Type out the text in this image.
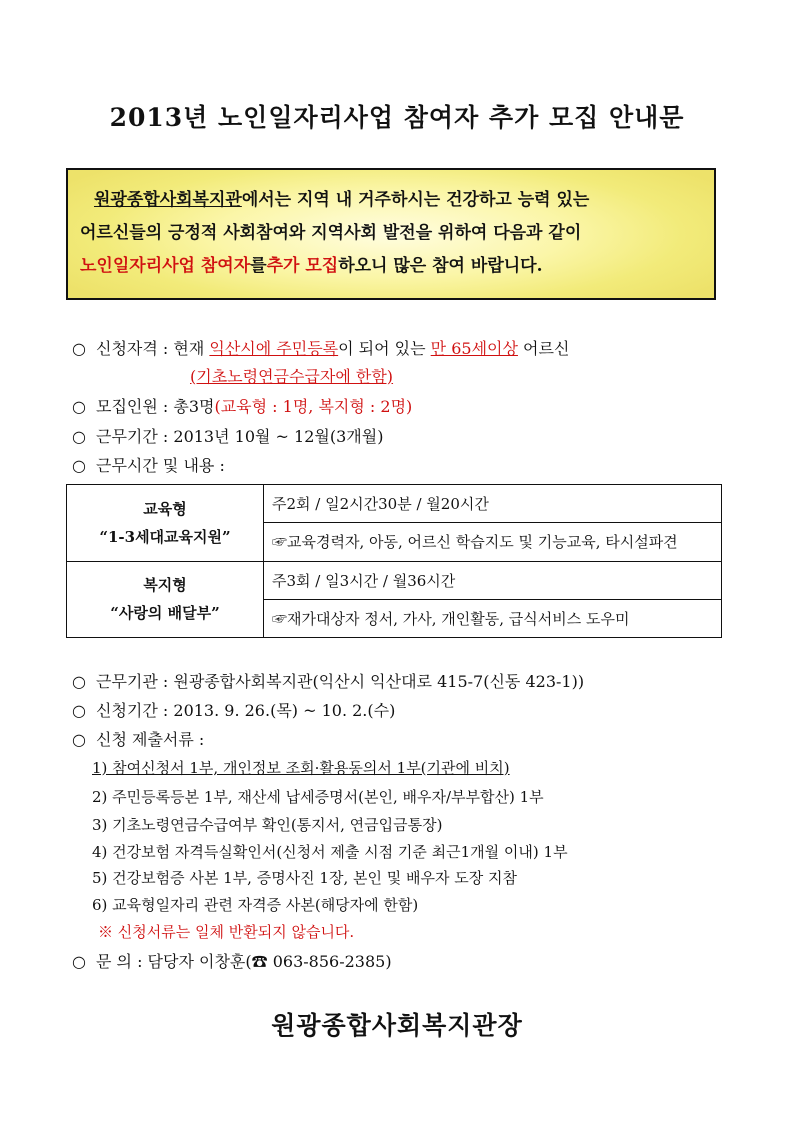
2013년 노인일자리사업 참여자 추가 모집 안내문
원광종합사회복지관에서는 지역 내 거주하시는 건강하고 능력 있는
어르신들의 긍정적 사회참여와 지역사회 발전을 위하여 다음과 같이
노인일자리사업 참여자 를 추가 모집 하오니 많은 참여 바랍니다.
○ 신청자격 : 현재 익산시에 주민등록이 되어 있는 만 65세이상 어르신
(기초노령연금수급자에 한함)
○ 모집인원 : 총3명(교육형 : 1명, 복지형 : 2명)
○ 근무기간 : 2013년 10월 ~ 12월(3개월)
○ 근무시간 및 내용 :
교육형
“1-3세대교육지원”	주2회 / 일2시간30분 / 월20시간
	☞교육경력자, 아동, 어르신 학습지도 및 기능교육, 타시설파견

복지형
“사랑의 배달부”	주3회 / 일3시간 / 월36시간
	☞재가대상자 정서, 가사, 개인활동, 급식서비스 도우미
○ 근무기관 : 원광종합사회복지관(익산시 익산대로 415-7(신동 423-1))
○ 신청기간 : 2013. 9. 26.(목) ~ 10. 2.(수)
○ 신청 제출서류 :
1) 참여신청서 1부, 개인정보 조회·활용동의서 1부(기관에 비치)
2) 주민등록등본 1부, 재산세 납세증명서(본인, 배우자/부부합산) 1부
3) 기초노령연금수급여부 확인(통지서, 연금입금통장)
4) 건강보험 자격득실확인서(신청서 제출 시점 기준 최근1개월 이내) 1부
5) 건강보험증 사본 1부, 증명사진 1장, 본인 및 배우자 도장 지참
6) 교육형일자리 관련 자격증 사본(해당자에 한함)
※ 신청서류는 일체 반환되지 않습니다.
○ 문 의 : 담당자 이창훈(☎ 063-856-2385)
원광종합사회복지관장
